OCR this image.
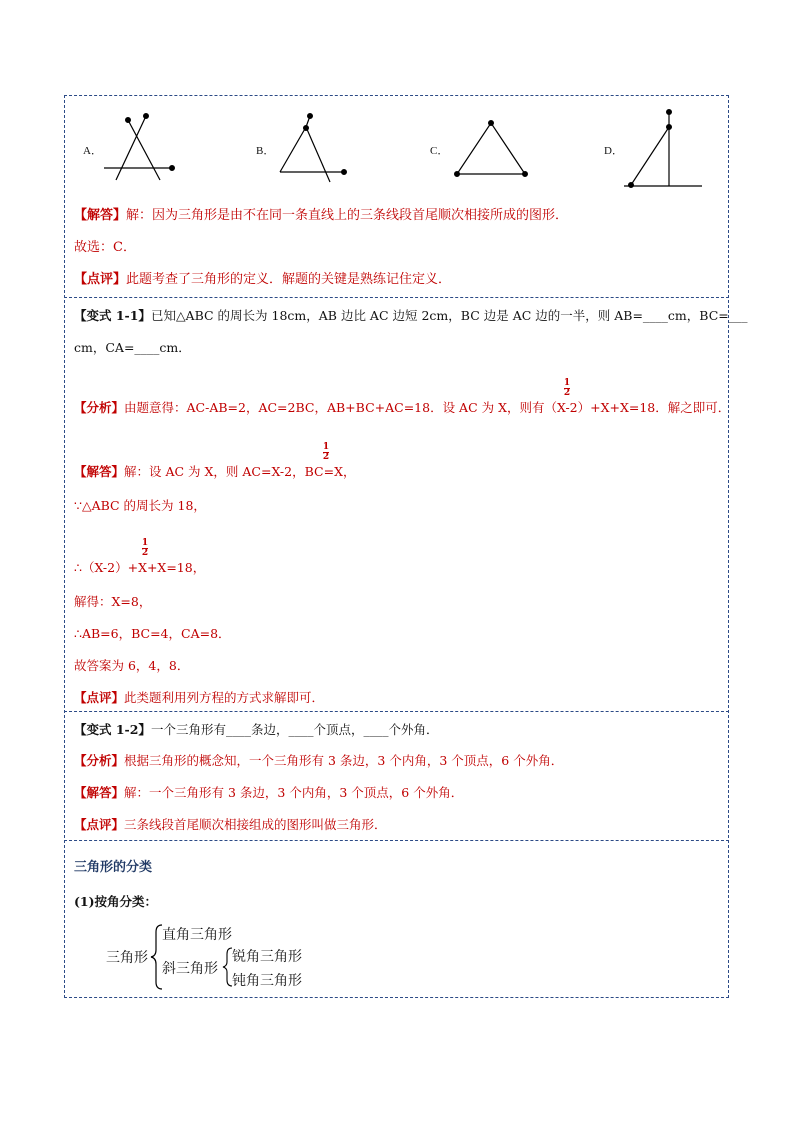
A．	B．	C．	D．
【解答】解：因为三角形是由不在同一条直线上的三条线段首尾顺次相接所成的图形．
故选：C．
【点评】此题考查了三角形的定义．解题的关键是熟练记住定义．
【变式 1-1】已知△ABC 的周长为 18cm，AB 边比 AC 边短 2cm，BC 边是 AC 边的一半，则 AB=____cm，BC=___
cm，CA=____cm．
1
2
【分析】由题意得：AC-AB=2，AC=2BC，AB+BC+AC=18．设 AC 为 X，则有（X-2）+X+X=18．解之即可．
1
2
【解答】解：设 AC 为 X，则 AC=X-2，BC=X，
∵△ABC 的周长为 18，
1
2
∴（X-2）+X+X=18，
解得：X=8，
∴AB=6，BC=4，CA=8．
故答案为 6，4，8．
【点评】此类题利用列方程的方式求解即可．
【变式 1-2】一个三角形有____条边，____个顶点，____个外角．
【分析】根据三角形的概念知，一个三角形有 3 条边，3 个内角，3 个顶点，6 个外角．
【解答】解：一个三角形有 3 条边，3 个内角，3 个顶点，6 个外角．
【点评】三条线段首尾顺次相接组成的图形叫做三角形．
三角形的分类
(1)按角分类：
三角形
直角三角形
斜三角形
锐角三角形
钝角三角形
